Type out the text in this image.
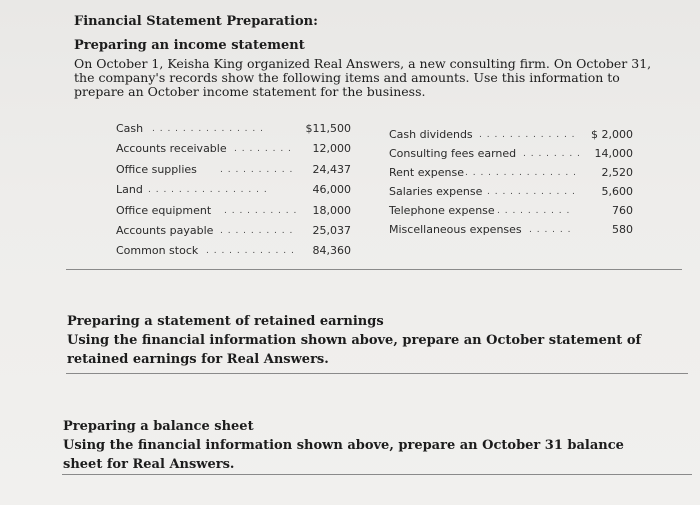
Financial Statement Preparation:
Preparing an income statement
On October 1, Keisha King organized Real Answers, a new consulting firm. On October 31, the company's records show the following items and amounts. Use this information to prepare an October income statement for the business.
Cash . . . . . . . . . . . . . . .	$11,500
Accounts receivable . . . . . . . .	12,000
Office supplies	. . . . . . . . . .	24,437
Land . . . . . . . . . . . . . . . .	46,000
Office equipment . . . . . . . . . .	18,000
Accounts payable . . . . . . . . . .	25,037
Common stock . . . . . . . . . . . .	84,360
Cash dividends . . . . . . . . . . . . .	$ 2,000
Consulting fees earned . . . . . . . .	14,000
Rent expense . . . . . . . . . . . . . . .	2,520
Salaries expense . . . . . . . . . . . .	5,600
Telephone expense . . . . . . . . . .	760
Miscellaneous expenses . . . . . .	580
Preparing a statement of retained earnings
Using the financial information shown above, prepare an October statement of retained earnings for Real Answers.
Preparing a balance sheet
Using the financial information shown above, prepare an October 31 balance sheet for Real Answers.
